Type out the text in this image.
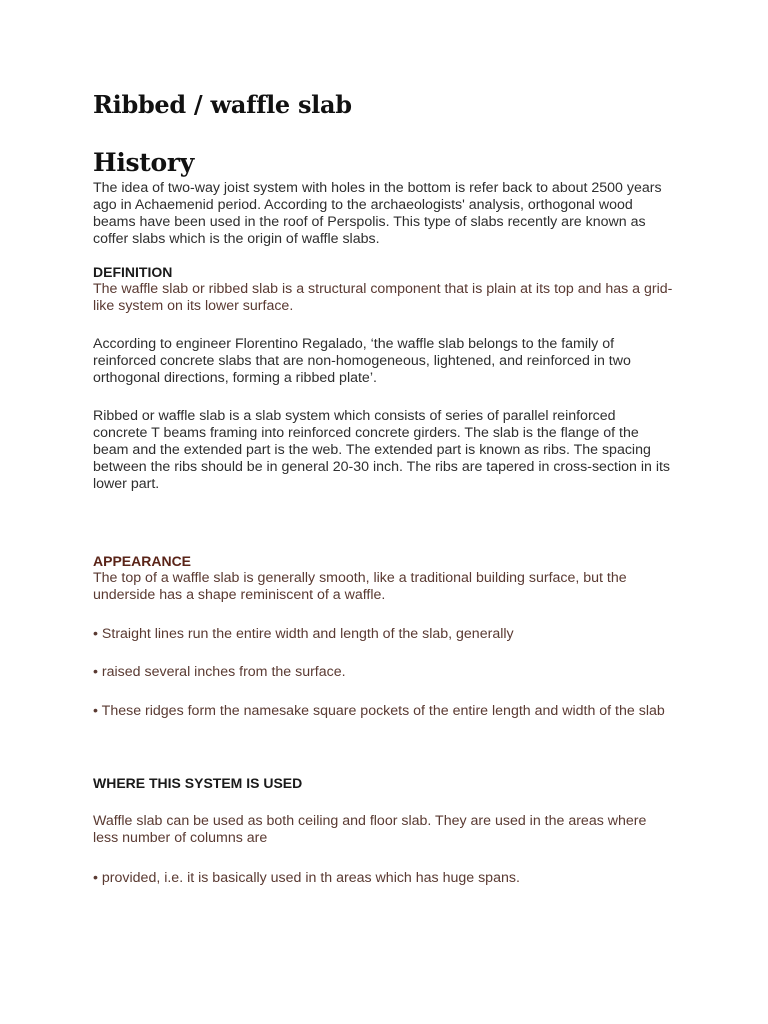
Ribbed / waffle slab
History

The idea of two-way joist system with holes in the bottom is refer back to about 2500 years ago in Achaemenid period. According to the archaeologists' analysis, orthogonal wood beams have been used in the roof of Perspolis. This type of slabs recently are known as coffer slabs which is the origin of waffle slabs.

DEFINITION

The waffle slab or ribbed slab is a structural component that is plain at its top and has a grid-like system on its lower surface.

According to engineer Florentino Regalado, ‘the waffle slab belongs to the family of reinforced concrete slabs that are non-homogeneous, lightened, and reinforced in two orthogonal directions, forming a ribbed plate’.

Ribbed or waffle slab is a slab system which consists of series of parallel reinforced concrete T beams framing into reinforced concrete girders. The slab is the flange of the beam and the extended part is the web. The extended part is known as ribs. The spacing between the ribs should be in general 20-30 inch. The ribs are tapered in cross-section in its lower part.

APPEARANCE

The top of a waffle slab is generally smooth, like a traditional building surface, but the underside has a shape reminiscent of a waffle.

• Straight lines run the entire width and length of the slab, generally

• raised several inches from the surface.

• These ridges form the namesake square pockets of the entire length and width of the slab

WHERE THIS SYSTEM IS USED

Waffle slab can be used as both ceiling and floor slab. They are used in the areas where less number of columns are

• provided, i.e. it is basically used in th areas which has huge spans.
